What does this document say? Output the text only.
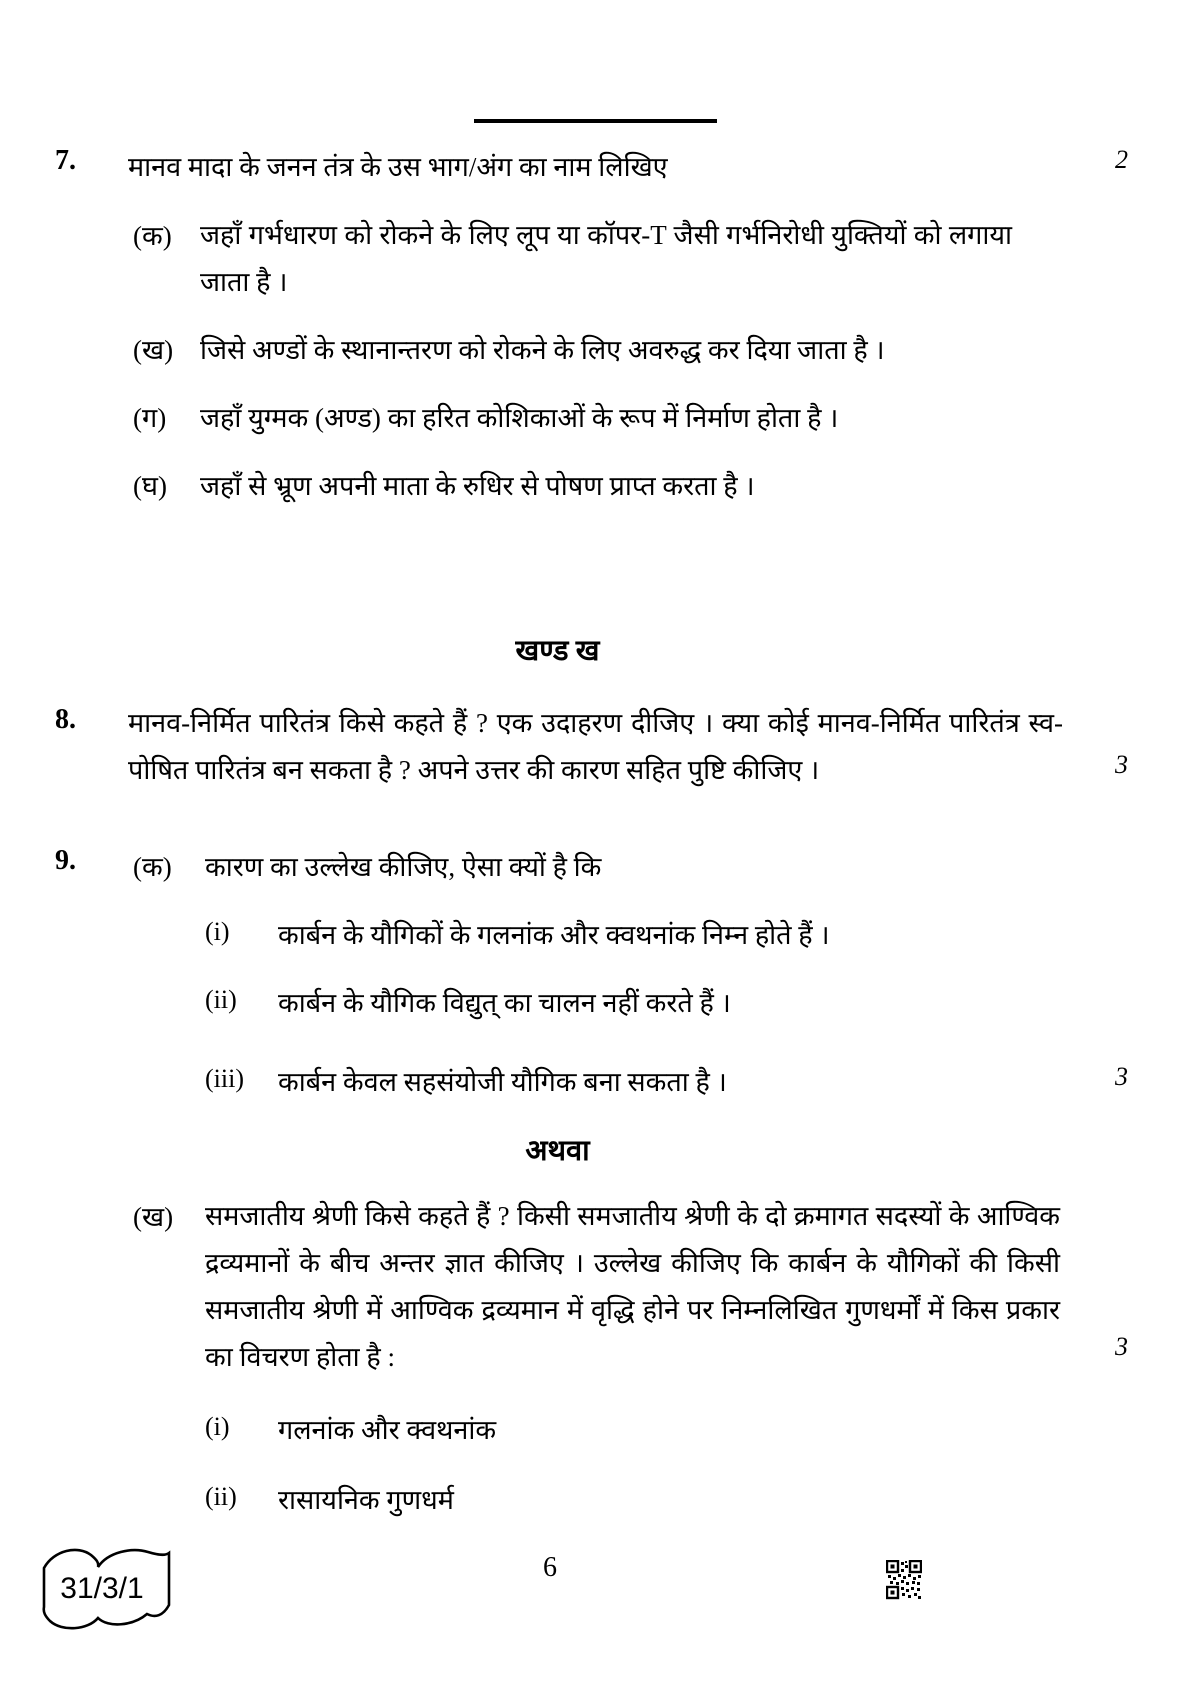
7. मानव मादा के जनन तंत्र के उस भाग/अंग का नाम लिखिए	2
(क) जहाँ गर्भधारण को रोकने के लिए लूप या कॉपर-T जैसी गर्भनिरोधी युक्तियों को लगाया जाता है ।
(ख) जिसे अण्डों के स्थानान्तरण को रोकने के लिए अवरुद्ध कर दिया जाता है ।
(ग) जहाँ युग्मक (अण्ड) का हरित कोशिकाओं के रूप में निर्माण होता है ।
(घ) जहाँ से भ्रूण अपनी माता के रुधिर से पोषण प्राप्त करता है ।
खण्ड ख
8. मानव-निर्मित पारितंत्र किसे कहते हैं ? एक उदाहरण दीजिए । क्या कोई मानव-निर्मित पारितंत्र स्व-पोषित पारितंत्र बन सकता है ? अपने उत्तर की कारण सहित पुष्टि कीजिए ।	3
9. (क) कारण का उल्लेख कीजिए, ऐसा क्यों है कि
(i) कार्बन के यौगिकों के गलनांक और क्वथनांक निम्न होते हैं ।
(ii) कार्बन के यौगिक विद्युत् का चालन नहीं करते हैं ।
(iii) कार्बन केवल सहसंयोजी यौगिक बना सकता है ।	3
अथवा
(ख) समजातीय श्रेणी किसे कहते हैं ? किसी समजातीय श्रेणी के दो क्रमागत सदस्यों के आण्विक द्रव्यमानों के बीच अन्तर ज्ञात कीजिए । उल्लेख कीजिए कि कार्बन के यौगिकों की किसी समजातीय श्रेणी में आण्विक द्रव्यमान में वृद्धि होने पर निम्नलिखित गुणधर्मों में किस प्रकार का विचरण होता है :	3
(i) गलनांक और क्वथनांक
(ii) रासायनिक गुणधर्म
31/3/1
6
